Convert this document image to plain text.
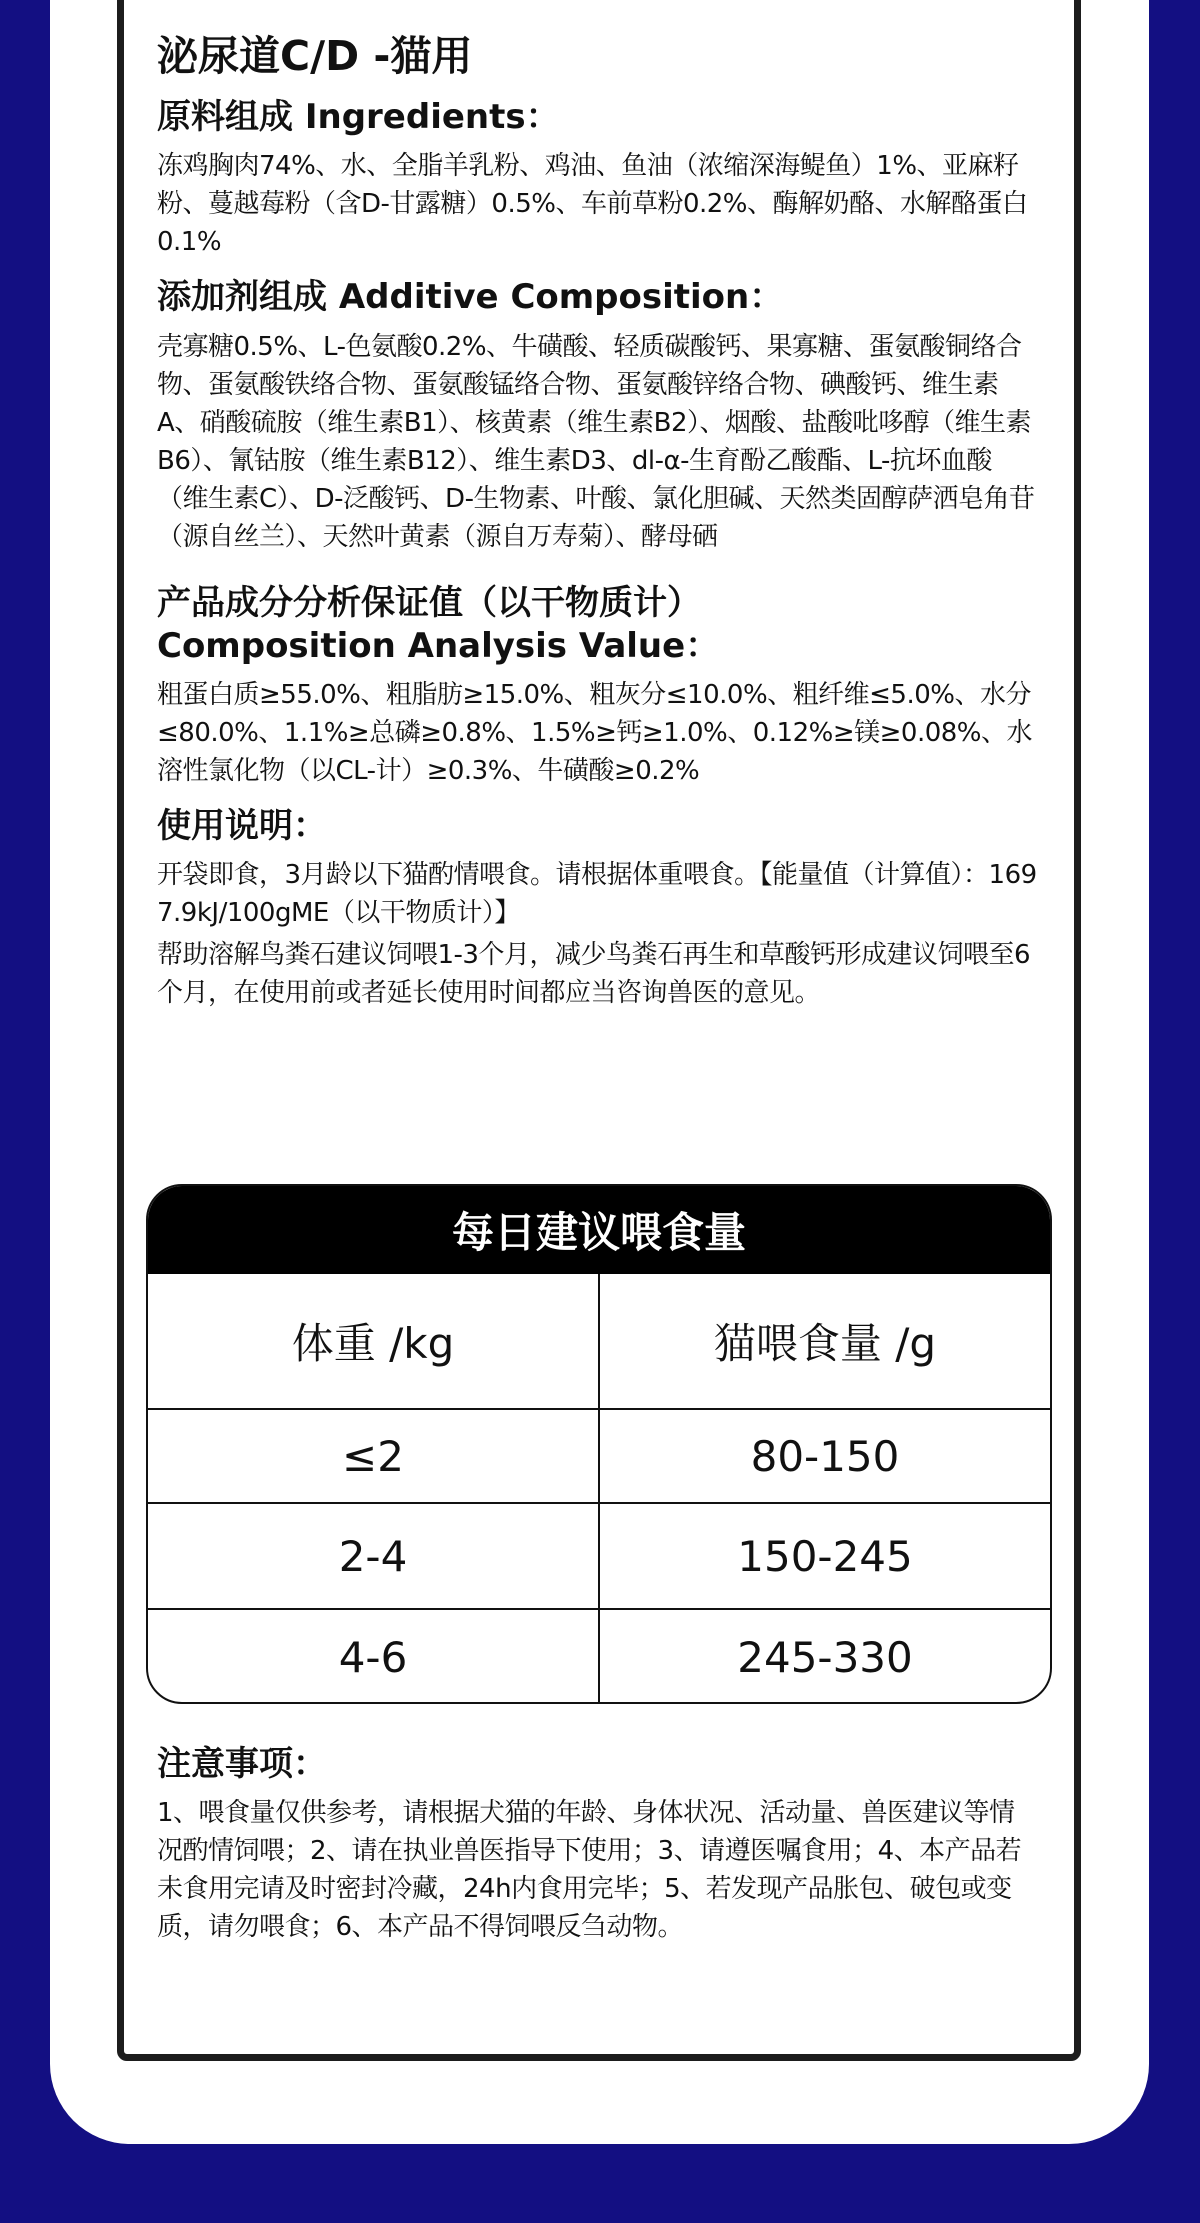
泌尿道C/D -猫用
原料组成 Ingredients：

冻鸡胸肉74%、水、全脂羊乳粉、鸡油、鱼油（浓缩深海鳀鱼）1%、亚麻籽粉、蔓越莓粉（含D-甘露糖）0.5%、车前草粉0.2%、酶解奶酪、水解酪蛋白0.1%

添加剂组成 Additive Composition：

壳寡糖0.5%、L-色氨酸0.2%、牛磺酸、轻质碳酸钙、果寡糖、蛋氨酸铜络合物、蛋氨酸铁络合物、蛋氨酸锰络合物、蛋氨酸锌络合物、碘酸钙、维生素A、硝酸硫胺（维生素B1）、核黄素（维生素B2）、烟酸、盐酸吡哆醇（维生素 B6）、氰钴胺（维生素B12）、维生素D3、dl-α-生育酚乙酸酯、L-抗坏血酸（维生素C）、D-泛酸钙、D-生物素、叶酸、氯化胆碱、天然类固醇萨洒皂角苷（源自丝兰）、天然叶黄素（源自万寿菊）、酵母硒

产品成分分析保证值（以干物质计）
Composition Analysis Value：

粗蛋白质≥55.0%、粗脂肪≥15.0%、粗灰分≤10.0%、粗纤维≤5.0%、水分≤80.0%、1.1%≥总磷≥0.8%、1.5%≥钙≥1.0%、0.12%≥镁≥0.08%、水溶性氯化物（以CL-计）≥0.3%、牛磺酸≥0.2%

使用说明：

开袋即食，3月龄以下猫酌情喂食。请根据体重喂食。【能量值（计算值）：1697.9kJ/100gME（以干物质计）】

帮助溶解鸟粪石建议饲喂1-3个月，减少鸟粪石再生和草酸钙形成建议饲喂至6个月，在使用前或者延长使用时间都应当咨询兽医的意见。

每日建议喂食量
体重 /kg	猫喂食量 /g
≤2	80-150
2-4	150-245
4-6	245-330
注意事项：

1、喂食量仅供参考，请根据犬猫的年龄、身体状况、活动量、兽医建议等情况酌情饲喂；2、请在执业兽医指导下使用；3、请遵医嘱食用；4、本产品若未食用完请及时密封冷藏，24h内食用完毕；5、若发现产品胀包、破包或变质，请勿喂食；6、本产品不得饲喂反刍动物。
